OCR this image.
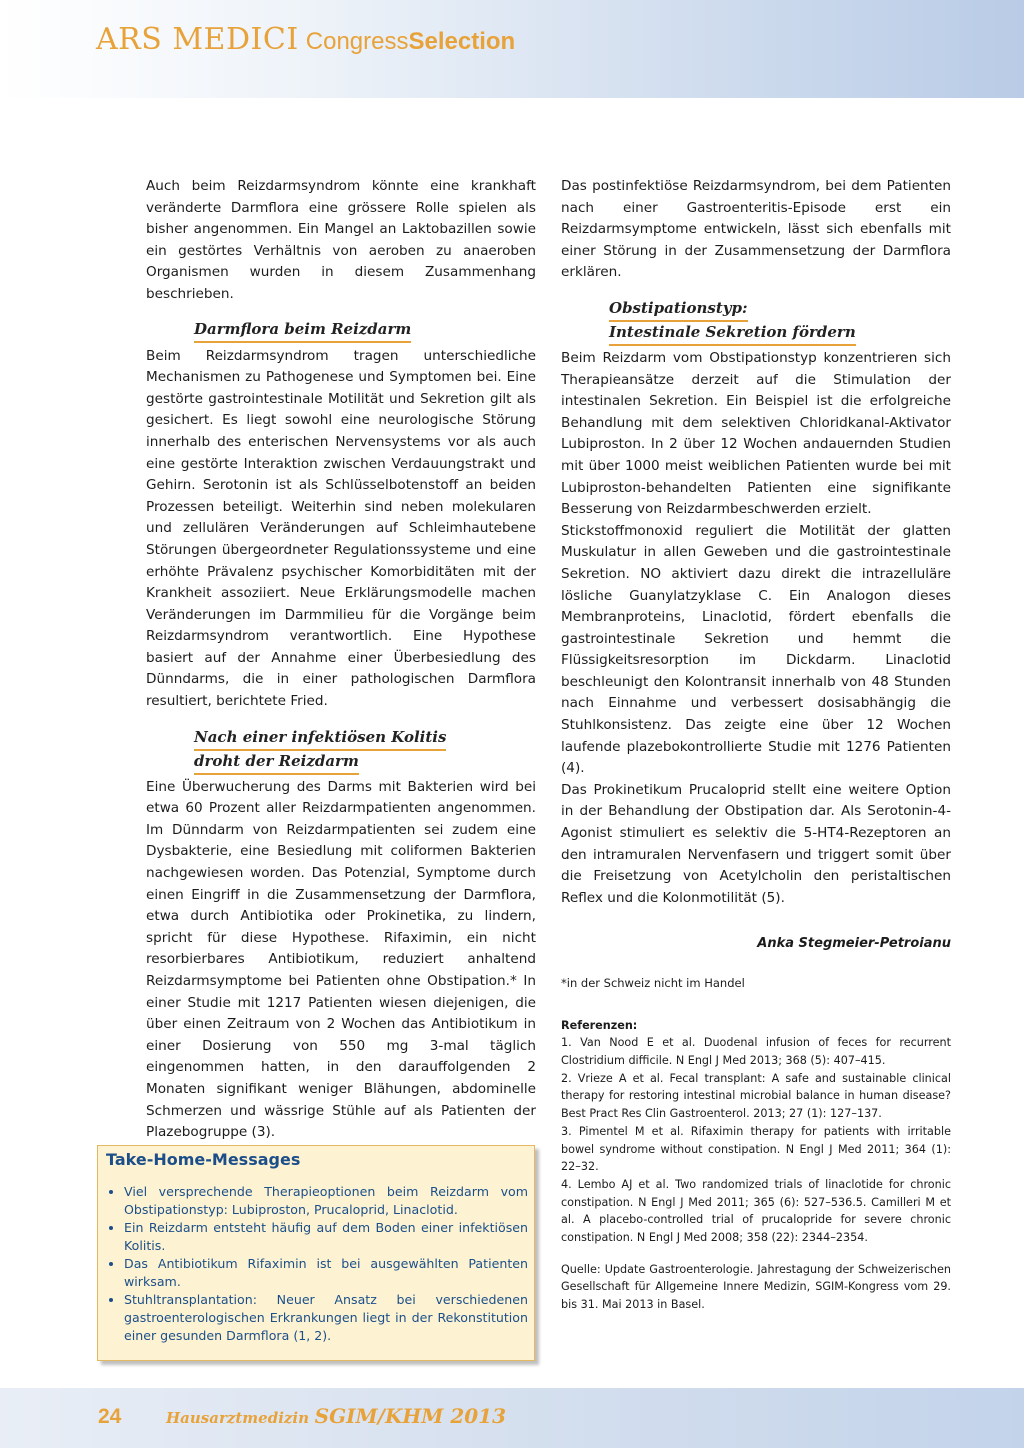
ARS MEDICI CongressSelection

Auch beim Reizdarmsyndrom könnte eine krankhaft veränderte Darmflora eine grössere Rolle spielen als bisher angenommen. Ein Mangel an Laktobazillen sowie ein gestörtes Verhältnis von aeroben zu anaeroben Organismen wurden in diesem Zusammenhang beschrieben.

Darmflora beim Reizdarm

Beim Reizdarmsyndrom tragen unterschiedliche Mechanismen zu Pathogenese und Symptomen bei. Eine gestörte gastrointestinale Motilität und Sekretion gilt als gesichert. Es liegt sowohl eine neurologische Störung innerhalb des enterischen Nervensystems vor als auch eine gestörte Interaktion zwischen Verdauungstrakt und Gehirn. Serotonin ist als Schlüsselbotenstoff an beiden Prozessen beteiligt. Weiterhin sind neben molekularen und zellulären Veränderungen auf Schleimhautebene Störungen übergeordneter Regulationssysteme und eine erhöhte Prävalenz psychischer Komorbiditäten mit der Krankheit assoziiert. Neue Erklärungsmodelle machen Veränderungen im Darmmilieu für die Vorgänge beim Reizdarmsyndrom verantwortlich. Eine Hypothese basiert auf der Annahme einer Überbesiedlung des Dünndarms, die in einer pathologischen Darmflora resultiert, berichtete Fried.

Nach einer infektiösen Kolitis
droht der Reizdarm

Eine Überwucherung des Darms mit Bakterien wird bei etwa 60 Prozent aller Reizdarmpatienten angenommen. Im Dünndarm von Reizdarmpatienten sei zudem eine Dysbakterie, eine Besiedlung mit coliformen Bakterien nachgewiesen worden. Das Potenzial, Symptome durch einen Eingriff in die Zusammensetzung der Darmflora, etwa durch Antibiotika oder Prokinetika, zu lindern, spricht für diese Hypothese. Rifaximin, ein nicht resorbierbares Antibiotikum, reduziert anhaltend Reizdarmsymptome bei Patienten ohne Obstipation.* In einer Studie mit 1217 Patienten wiesen diejenigen, die über einen Zeitraum von 2 Wochen das Antibiotikum in einer Dosierung von 550 mg 3-mal täglich eingenommen hatten, in den darauffolgenden 2 Monaten signifikant weniger Blähungen, abdominelle Schmerzen und wässrige Stühle auf als Patienten der Plazebogruppe (3).

Das postinfektiöse Reizdarmsyndrom, bei dem Patienten nach einer Gastroenteritis-Episode erst ein Reizdarmsymptome entwickeln, lässt sich ebenfalls mit einer Störung in der Zusammensetzung der Darmflora erklären.

Obstipationstyp:
Intestinale Sekretion fördern

Beim Reizdarm vom Obstipationstyp konzentrieren sich Therapieansätze derzeit auf die Stimulation der intestinalen Sekretion. Ein Beispiel ist die erfolgreiche Behandlung mit dem selektiven Chloridkanal-Aktivator Lubiproston. In 2 über 12 Wochen andauernden Studien mit über 1000 meist weiblichen Patienten wurde bei mit Lubiproston-behandelten Patienten eine signifikante Besserung von Reizdarmbeschwerden erzielt.

Stickstoffmonoxid reguliert die Motilität der glatten Muskulatur in allen Geweben und die gastrointestinale Sekretion. NO aktiviert dazu direkt die intrazelluläre lösliche Guanylatzyklase C. Ein Analogon dieses Membranproteins, Linaclotid, fördert ebenfalls die gastrointestinale Sekretion und hemmt die Flüssigkeitsresorption im Dickdarm. Linaclotid beschleunigt den Kolontransit innerhalb von 48 Stunden nach Einnahme und verbessert dosisabhängig die Stuhlkonsistenz. Das zeigte eine über 12 Wochen laufende plazebokontrollierte Studie mit 1276 Patienten (4).

Das Prokinetikum Prucaloprid stellt eine weitere Option in der Behandlung der Obstipation dar. Als Serotonin-4-Agonist stimuliert es selektiv die 5-HT4-Rezeptoren an den intramuralen Nervenfasern und triggert somit über die Freisetzung von Acetylcholin den peristaltischen Reflex und die Kolonmotilität (5).

Anka Stegmeier-Petroianu

*in der Schweiz nicht im Handel

Referenzen:
1. Van Nood E et al. Duodenal infusion of feces for recurrent Clostridium difficile. N Engl J Med 2013; 368 (5): 407–415.
2. Vrieze A et al. Fecal transplant: A safe and sustainable clinical therapy for restoring intestinal microbial balance in human disease? Best Pract Res Clin Gastroenterol. 2013; 27 (1): 127–137.
3. Pimentel M et al. Rifaximin therapy for patients with irritable bowel syndrome without constipation. N Engl J Med 2011; 364 (1): 22–32.
4. Lembo AJ et al. Two randomized trials of linaclotide for chronic constipation. N Engl J Med 2011; 365 (6): 527–536.5. Camilleri M et al. A placebo-controlled trial of prucalopride for severe chronic constipation. N Engl J Med 2008; 358 (22): 2344–2354.
Quelle: Update Gastroenterologie. Jahrestagung der Schweizerischen Gesellschaft für Allgemeine Innere Medizin, SGIM-Kongress vom 29. bis 31. Mai 2013 in Basel.
Take-Home-Messages
• Viel versprechende Therapieoptionen beim Reizdarm vom Obstipationstyp: Lubiproston, Prucaloprid, Linaclotid.
• Ein Reizdarm entsteht häufig auf dem Boden einer infektiösen Kolitis.
• Das Antibiotikum Rifaximin ist bei ausgewählten Patienten wirksam.
• Stuhltransplantation: Neuer Ansatz bei verschiedenen gastroenterologischen Erkrankungen liegt in der Rekonstitution einer gesunden Darmflora (1, 2).
24	Hausarztmedizin SGIM/KHM 2013
